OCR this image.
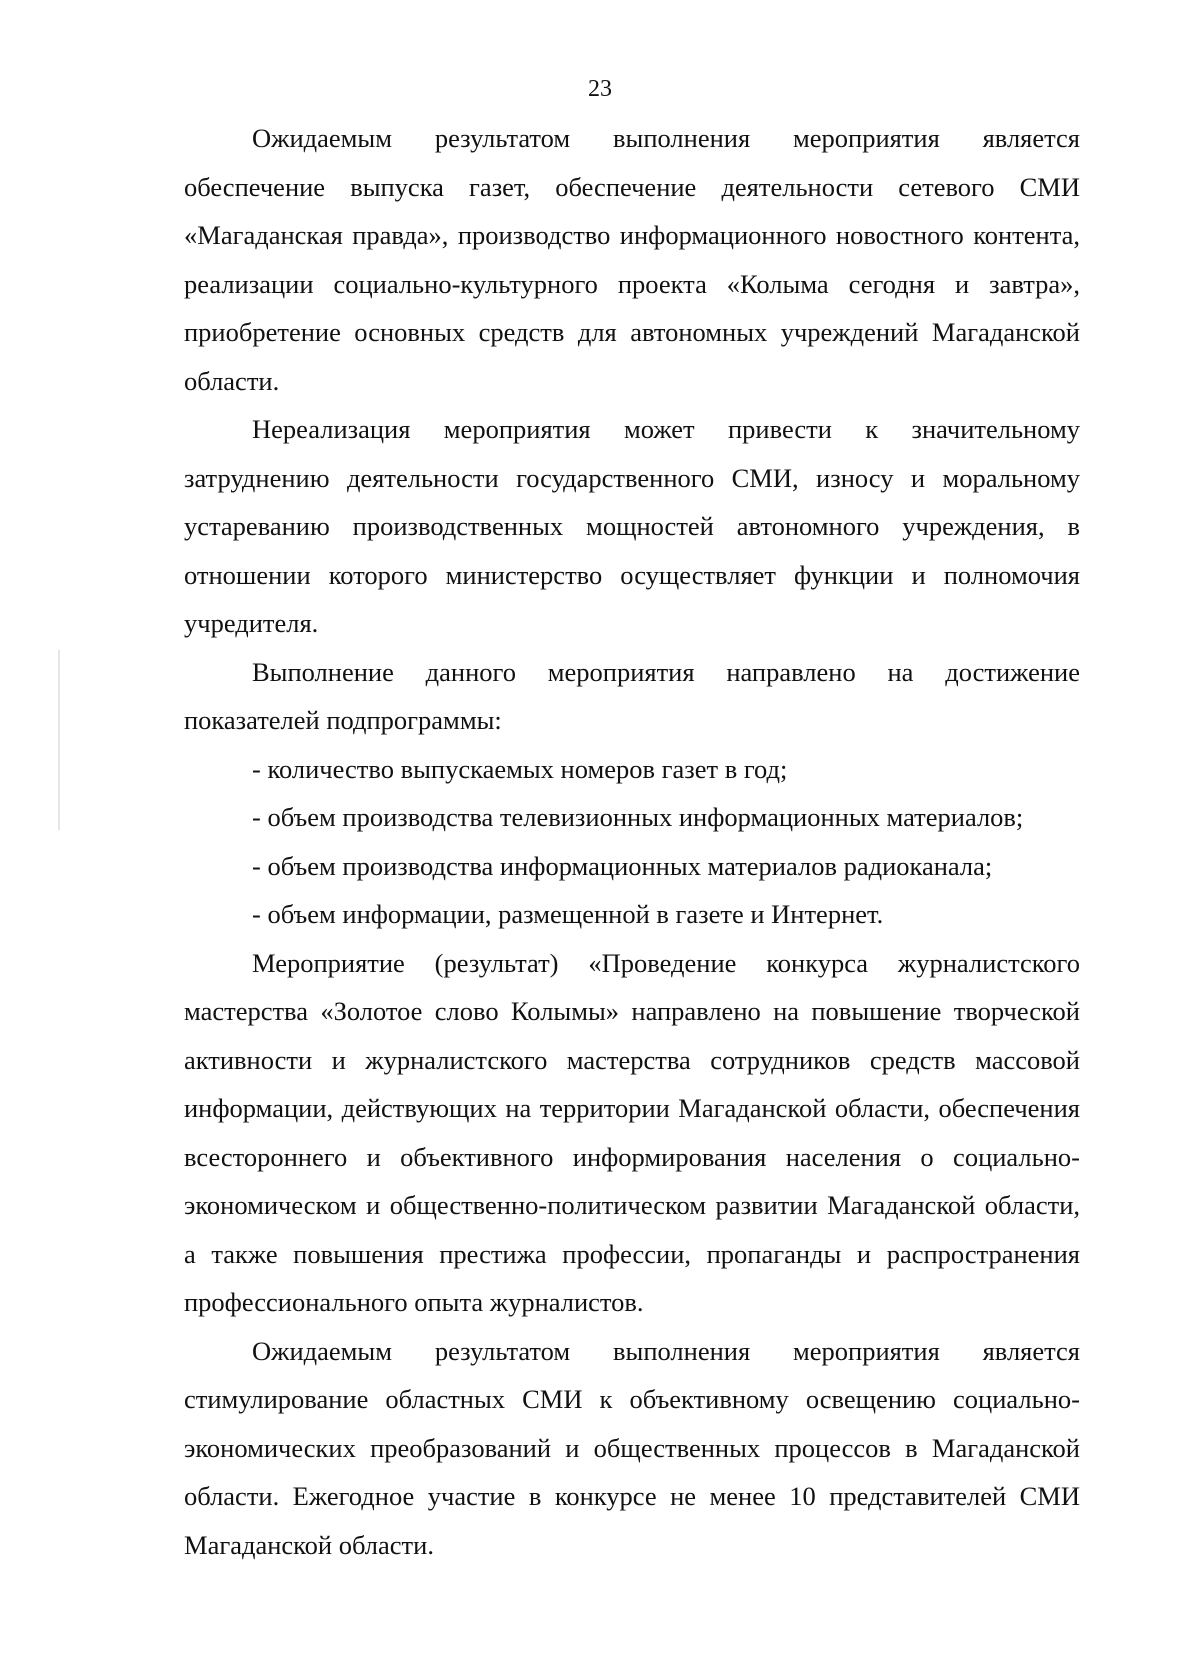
23

Ожидаемым результатом выполнения мероприятия является обеспечение выпуска газет, обеспечение деятельности сетевого СМИ «Магаданская правда», производство информационного новостного контента, реализации социально-культурного проекта «Колыма сегодня и завтра», приобретение основных средств для автономных учреждений Магаданской области.

Нереализация мероприятия может привести к значительному затруднению деятельности государственного СМИ, износу и моральному устареванию производственных мощностей автономного учреждения, в отношении которого министерство осуществляет функции и полномочия учредителя.

Выполнение данного мероприятия направлено на достижение показателей подпрограммы:

- количество выпускаемых номеров газет в год;

- объем производства телевизионных информационных материалов;

- объем производства информационных материалов радиоканала;

- объем информации, размещенной в газете и Интернет.

Мероприятие (результат) «Проведение конкурса журналистского мастерства «Золотое слово Колымы» направлено на повышение творческой активности и журналистского мастерства сотрудников средств массовой информации, действующих на территории Магаданской области, обеспечения всестороннего и объективного информирования населения о социально-экономическом и общественно-политическом развитии Магаданской области, а также повышения престижа профессии, пропаганды и распространения профессионального опыта журналистов.

Ожидаемым результатом выполнения мероприятия является стимулирование областных СМИ к объективному освещению социально-экономических преобразований и общественных процессов в Магаданской области. Ежегодное участие в конкурсе не менее 10 представителей СМИ Магаданской области.
